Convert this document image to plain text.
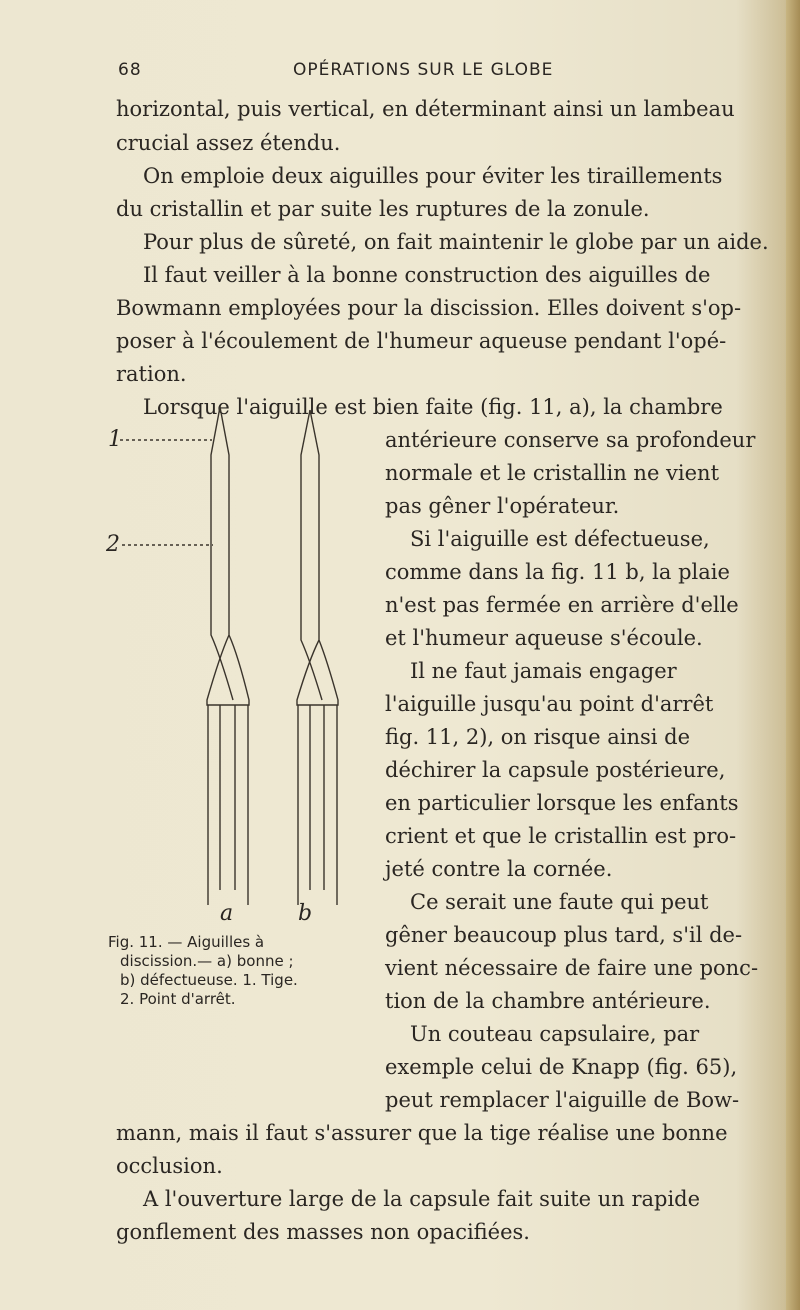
68	OPÉRATIONS SUR LE GLOBE
horizontal, puis vertical, en déterminant ainsi un lambeau
crucial assez étendu.
On emploie deux aiguilles pour éviter les tiraillements
du cristallin et par suite les ruptures de la zonule.
Pour plus de sûreté, on fait maintenir le globe par un aide.
Il faut veiller à la bonne construction des aiguilles de
Bowmann employées pour la discission. Elles doivent s'op-
poser à l'écoulement de l'humeur aqueuse pendant l'opé-
ration.
Lorsque l'aiguille est bien faite (fig. 11, a), la chambre
antérieure conserve sa profondeur
normale et le cristallin ne vient
pas gêner l'opérateur.
Si l'aiguille est défectueuse,
comme dans la fig. 11 b, la plaie
n'est pas fermée en arrière d'elle
et l'humeur aqueuse s'écoule.
Il ne faut jamais engager
l'aiguille jusqu'au point d'arrêt
fig. 11, 2), on risque ainsi de
déchirer la capsule postérieure,
en particulier lorsque les enfants
crient et que le cristallin est pro-
jeté contre la cornée.
Ce serait une faute qui peut
gêner beaucoup plus tard, s'il de-
vient nécessaire de faire une ponc-
tion de la chambre antérieure.
Un couteau capsulaire, par
exemple celui de Knapp (fig. 65),
peut remplacer l'aiguille de Bow-
mann, mais il faut s'assurer que la tige réalise une bonne
occlusion.
A l'ouverture large de la capsule fait suite un rapide
gonflement des masses non opacifiées.
1
2
a	b
Fig. 11. — Aiguilles à
discission.— a) bonne ;
b) défectueuse. 1. Tige.
2. Point d'arrêt.
